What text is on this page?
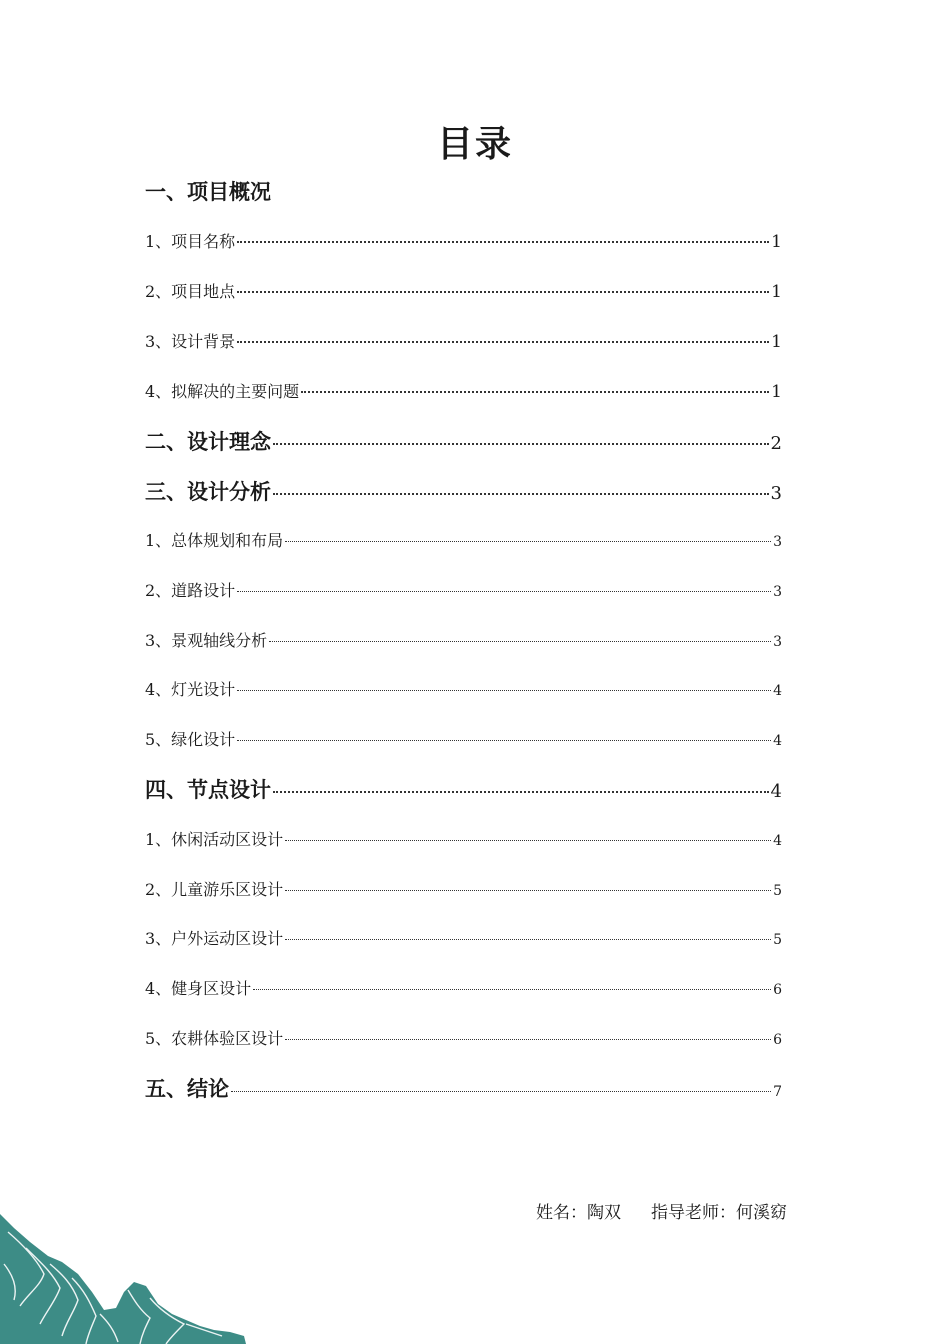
目录
一、项目概况
1、项目名称	1
2、项目地点	1
3、设计背景	1
4、拟解决的主要问题	1
二、设计理念	2
三、设计分析	3
1、总体规划和布局	3
2、道路设计	3
3、景观轴线分析	3
4、灯光设计	4
5、绿化设计	4
四、节点设计	4
1、休闲活动区设计	4
2、儿童游乐区设计	5
3、户外运动区设计	5
4、健身区设计	6
5、农耕体验区设计	6
五、结论	7
姓名：陶双 指导老师：何溪窈
